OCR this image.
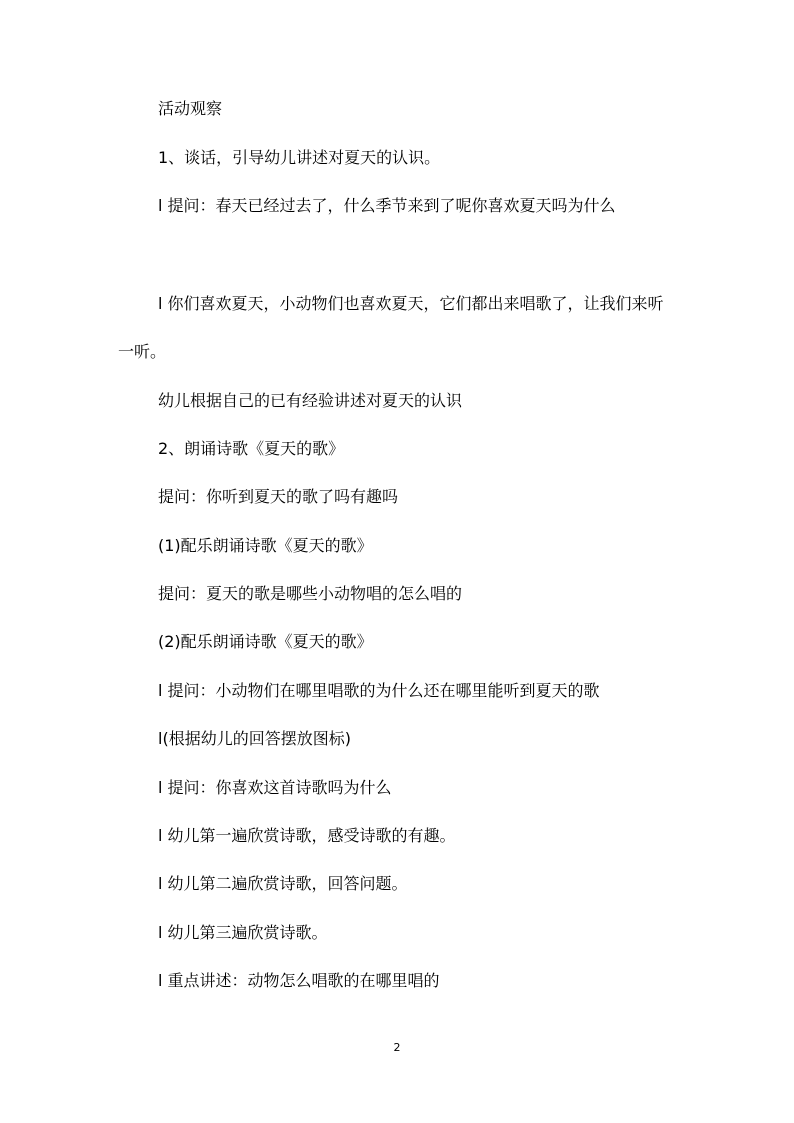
活动观察
1、谈话，引导幼儿讲述对夏天的认识。
l 提问：春天已经过去了，什么季节来到了呢你喜欢夏天吗为什么
l 你们喜欢夏天，小动物们也喜欢夏天，它们都出来唱歌了，让我们来听一听。
幼儿根据自己的已有经验讲述对夏天的认识
2、朗诵诗歌《夏天的歌》
提问：你听到夏天的歌了吗有趣吗
(1)配乐朗诵诗歌《夏天的歌》
提问：夏天的歌是哪些小动物唱的怎么唱的
(2)配乐朗诵诗歌《夏天的歌》
l 提问：小动物们在哪里唱歌的为什么还在哪里能听到夏天的歌
l(根据幼儿的回答摆放图标)
l 提问：你喜欢这首诗歌吗为什么
l 幼儿第一遍欣赏诗歌，感受诗歌的有趣。
l 幼儿第二遍欣赏诗歌，回答问题。
l 幼儿第三遍欣赏诗歌。
l 重点讲述：动物怎么唱歌的在哪里唱的
2
